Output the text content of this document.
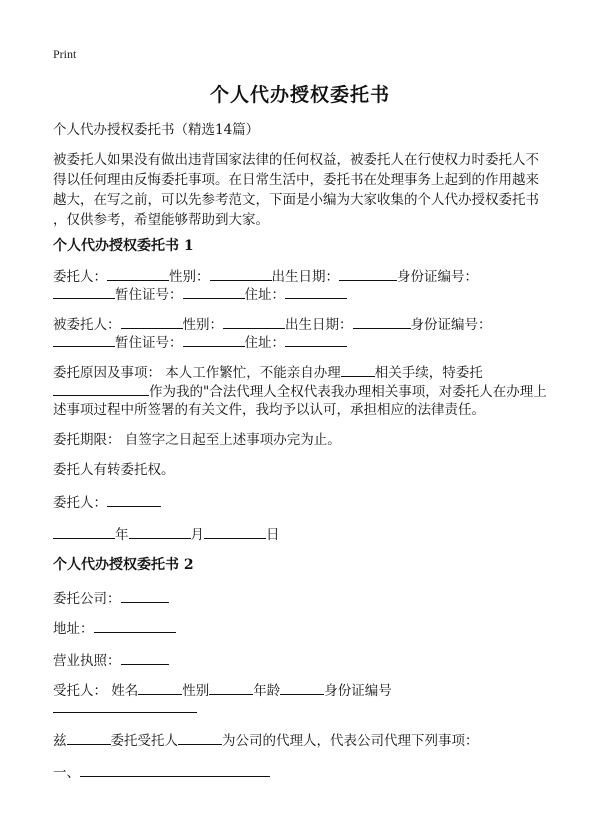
Print
个人代办授权委托书
个人代办授权委托书（精选14篇）

被委托人如果没有做出违背国家法律的任何权益，被委托人在行使权力时委托人不

得以任何理由反悔委托事项。在日常生活中，委托书在处理事务上起到的作用越来

越大，在写之前，可以先参考范文，下面是小编为大家收集的个人代办授权委托书

，仅供参考，希望能够帮助到大家。

个人代办授权委托书 1
委托人：	性别：	出生日期：	身份证编号：
暂住证号：	住址：
被委托人：	性别：	出生日期：	身份证编号：
暂住证号：	住址：
委托原因及事项： 本人工作繁忙，不能亲自办理	相关手续，特委托
作为我的"合法代理人全权代表我办理相关事项，对委托人在办理上
述事项过程中所签署的有关文件，我均予以认可，承担相应的法律责任。
委托期限： 自签字之日起至上述事项办完为止。
委托人有转委托权。
委托人：
年	月	日
个人代办授权委托书 2
委托公司：
地址：
营业执照：
受托人： 姓名	性别	年龄	身份证编号
兹	委托受托人	为公司的代理人，代表公司代理下列事项：
一、
